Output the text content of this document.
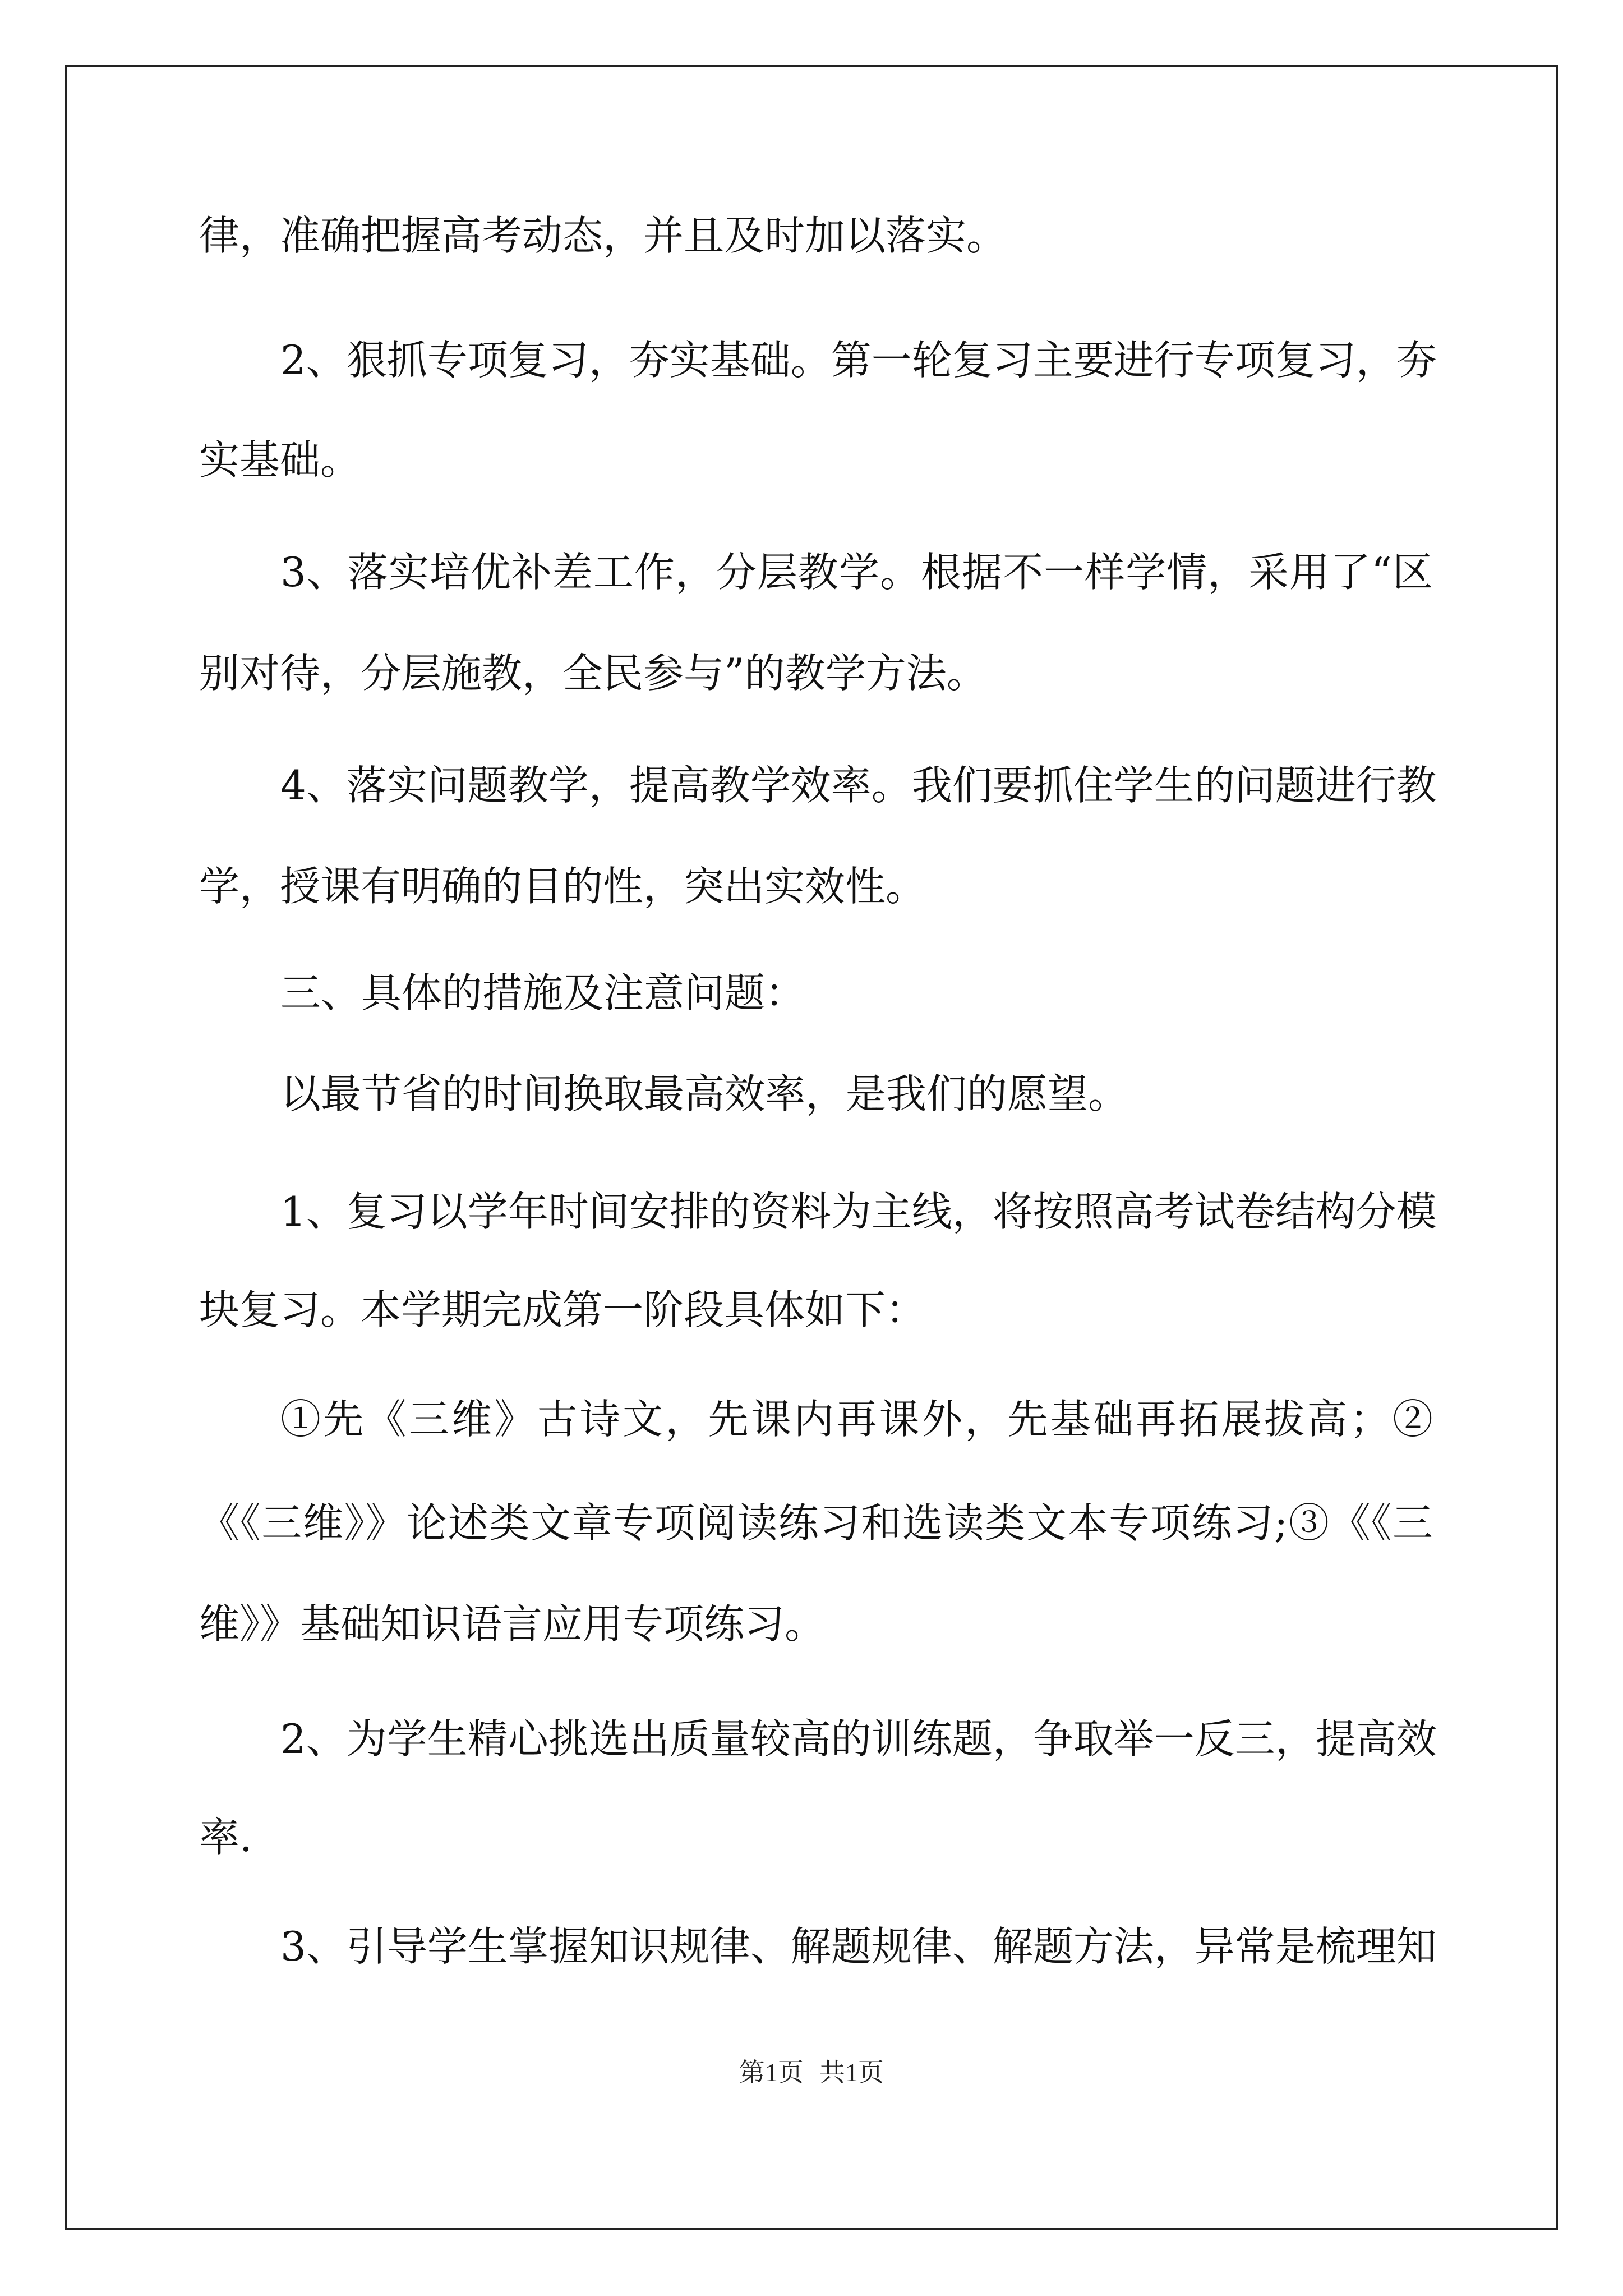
律，准确把握高考动态，并且及时加以落实。

2、狠抓专项复习，夯实基础。第一轮复习主要进行专项复习，夯

实基础。

3、落实培优补差工作，分层教学。根据不一样学情，采用了“区

别对待，分层施教，全民参与”的教学方法。

4、落实问题教学，提高教学效率。我们要抓住学生的问题进行教

学，授课有明确的目的性，突出实效性。

三、具体的措施及注意问题：

以最节省的时间换取最高效率，是我们的愿望。

1、复习以学年时间安排的资料为主线，将按照高考试卷结构分模

块复习。本学期完成第一阶段具体如下：

①先《三维》古诗文，先课内再课外，先基础再拓展拔高；②

《《三维》》论述类文章专项阅读练习和选读类文本专项练习;③《《三

维》》基础知识语言应用专项练习。

2、为学生精心挑选出质量较高的训练题，争取举一反三，提高效

率.

3、引导学生掌握知识规律、解题规律、解题方法，异常是梳理知

第1页 共1页
